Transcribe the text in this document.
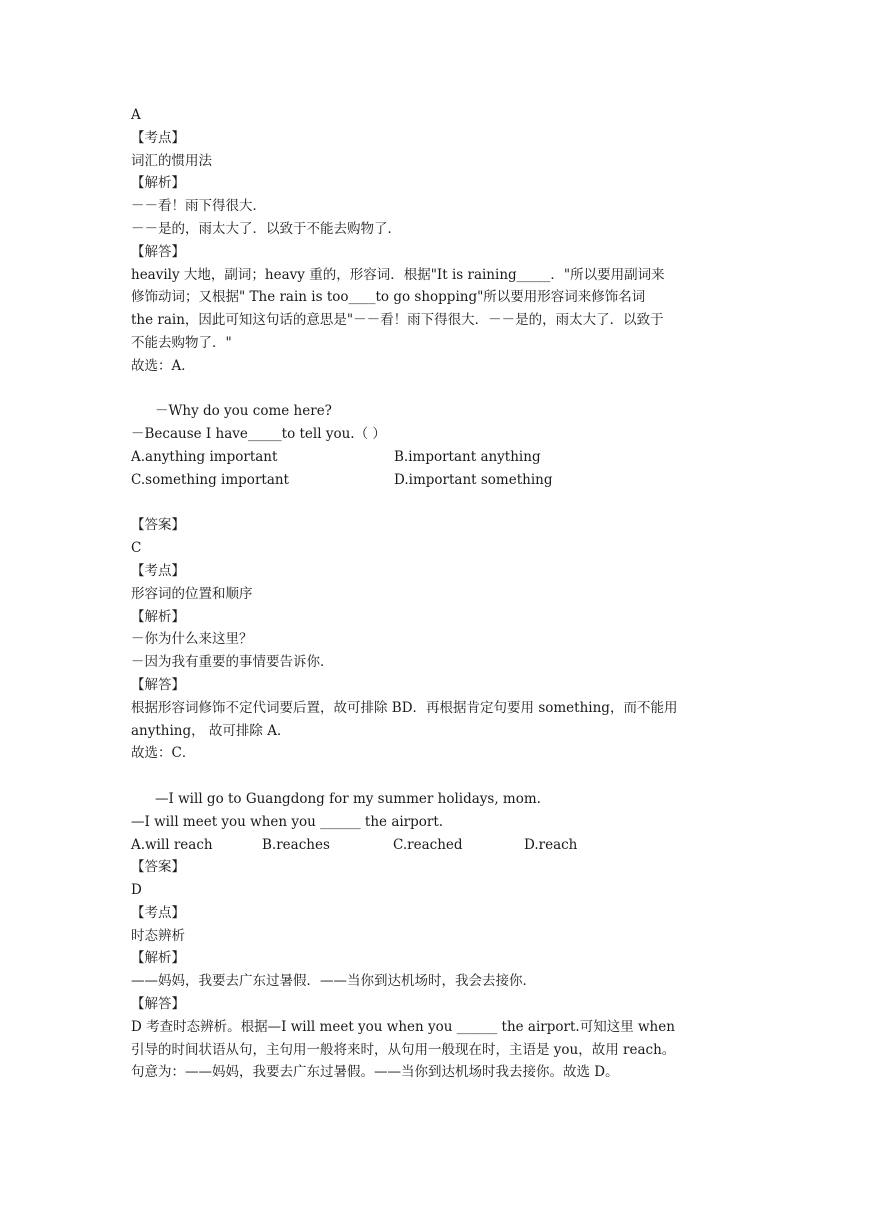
A
【考点】
词汇的惯用法
【解析】
－－看！雨下得很大．
－－是的，雨太大了．以致于不能去购物了．
【解答】
heavily 大地，副词；heavy 重的，形容词．根据"It is raining_____．"所以要用副词来
修饰动词；又根据" The rain is too____to go shopping"所以要用形容词来修饰名词
the rain，因此可知这句话的意思是"－－看！雨下得很大．－－是的，雨太大了．以致于
不能去购物了．"
故选：A．
－Why do you come here?
－Because I have_____to tell you.（ ）
A.anything important	B.important anything
C.something important	D.important something
【答案】
C
【考点】
形容词的位置和顺序
【解析】
－你为什么来这里？
－因为我有重要的事情要告诉你．
【解答】
根据形容词修饰不定代词要后置，故可排除 BD．再根据肯定句要用 something，而不能用
anything， 故可排除 A．
故选：C．
—I will go to Guangdong for my summer holidays, mom.
—I will meet you when you ______ the airport.
A.will reach	B.reaches	C.reached	D.reach
【答案】
D
【考点】
时态辨析
【解析】
——妈妈，我要去广东过暑假．——当你到达机场时，我会去接你．
【解答】
D 考查时态辨析。根据—I will meet you when you ______ the airport.可知这里 when
引导的时间状语从句，主句用一般将来时，从句用一般现在时，主语是 you，故用 reach。
句意为：——妈妈，我要去广东过暑假。——当你到达机场时我去接你。故选 D。
